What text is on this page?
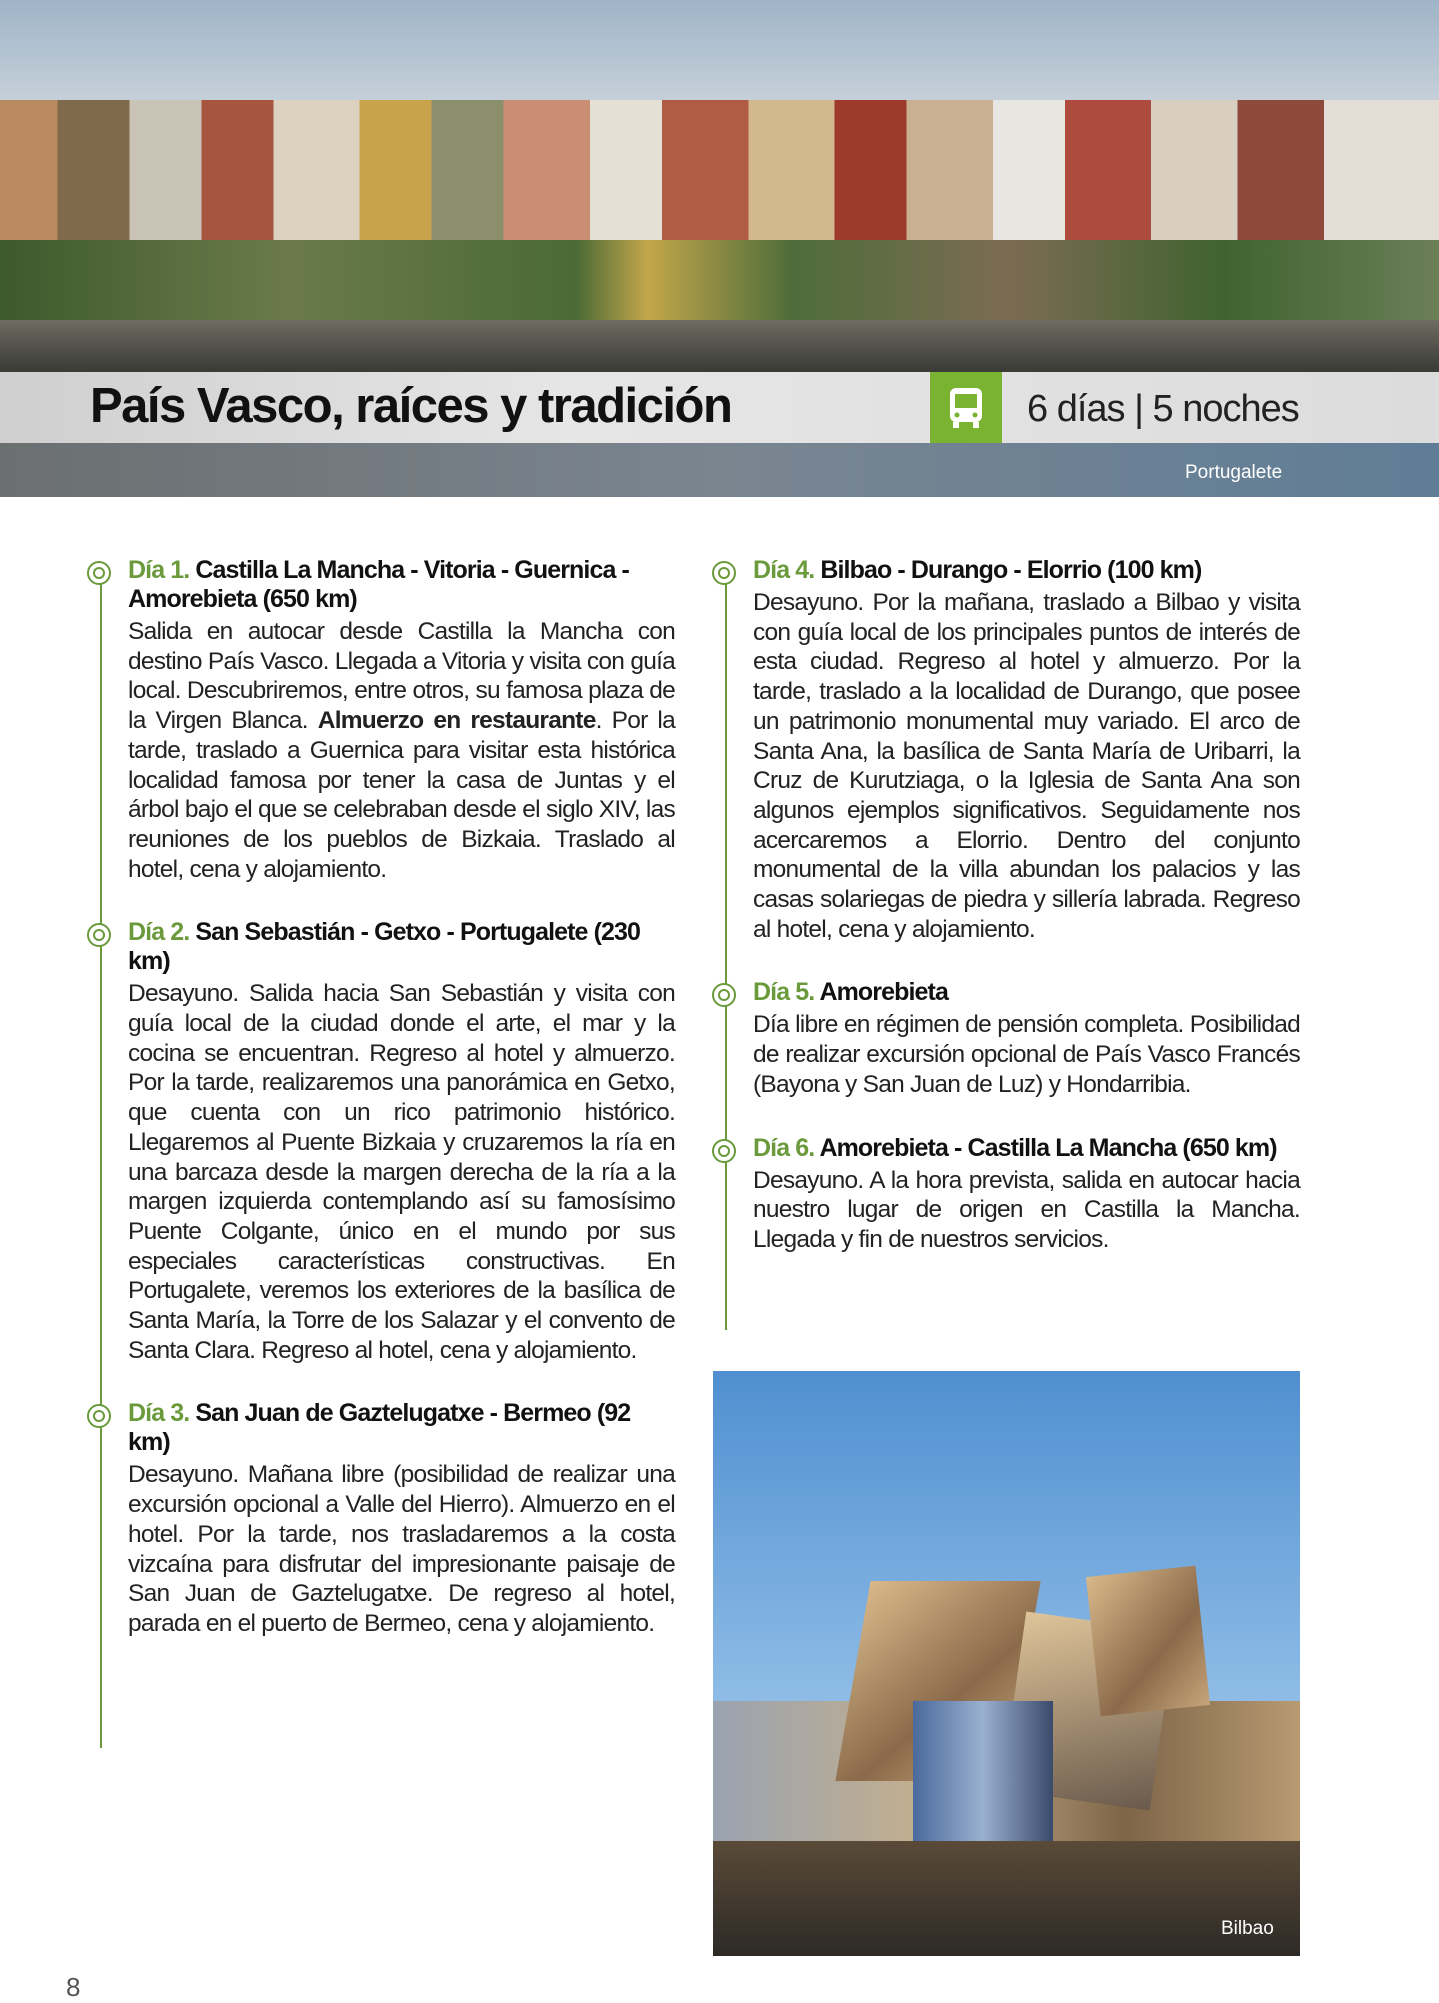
País Vasco, raíces y tradición	6 días | 5 noches
Portugalete
Día 1. Castilla La Mancha - Vitoria - Guernica - Amorebieta (650 km)

Salida en autocar desde Castilla la Mancha con destino País Vasco. Llegada a Vitoria y visita con guía local. Descubriremos, entre otros, su famosa plaza de la Virgen Blanca. Almuerzo en restaurante. Por la tarde, traslado a Guernica para visitar esta histórica localidad famosa por tener la casa de Juntas y el árbol bajo el que se celebraban desde el siglo XIV, las reuniones de los pueblos de Bizkaia. Traslado al hotel, cena y alojamiento.

Día 2. San Sebastián - Getxo - Portugalete (230 km)

Desayuno. Salida hacia San Sebastián y visita con guía local de la ciudad donde el arte, el mar y la cocina se encuentran. Regreso al hotel y almuerzo. Por la tarde, realizaremos una panorámica en Getxo, que cuenta con un rico patrimonio histórico. Llegaremos al Puente Bizkaia y cruzaremos la ría en una barcaza desde la margen derecha de la ría a la margen izquierda contemplando así su famosísimo Puente Colgante, único en el mundo por sus especiales características constructivas. En Portugalete, veremos los exteriores de la basílica de Santa María, la Torre de los Salazar y el convento de Santa Clara. Regreso al hotel, cena y alojamiento.

Día 3. San Juan de Gaztelugatxe - Bermeo (92 km)

Desayuno. Mañana libre (posibilidad de realizar una excursión opcional a Valle del Hierro). Almuerzo en el hotel. Por la tarde, nos trasladaremos a la costa vizcaína para disfrutar del impresionante paisaje de San Juan de Gaztelugatxe. De regreso al hotel, parada en el puerto de Bermeo, cena y alojamiento.

Día 4. Bilbao - Durango - Elorrio (100 km)

Desayuno. Por la mañana, traslado a Bilbao y visita con guía local de los principales puntos de interés de esta ciudad. Regreso al hotel y almuerzo. Por la tarde, traslado a la localidad de Durango, que posee un patrimonio monumental muy variado. El arco de Santa Ana, la basílica de Santa María de Uribarri, la Cruz de Kurutziaga, o la Iglesia de Santa Ana son algunos ejemplos significativos. Seguidamente nos acercaremos a Elorrio. Dentro del conjunto monumental de la villa abundan los palacios y las casas solariegas de piedra y sillería labrada. Regreso al hotel, cena y alojamiento.

Día 5. Amorebieta

Día libre en régimen de pensión completa. Posibilidad de realizar excursión opcional de País Vasco Francés (Bayona y San Juan de Luz) y Hondarribia.

Día 6. Amorebieta - Castilla La Mancha (650 km)

Desayuno. A la hora prevista, salida en autocar hacia nuestro lugar de origen en Castilla la Mancha. Llegada y fin de nuestros servicios.

Bilbao
8
